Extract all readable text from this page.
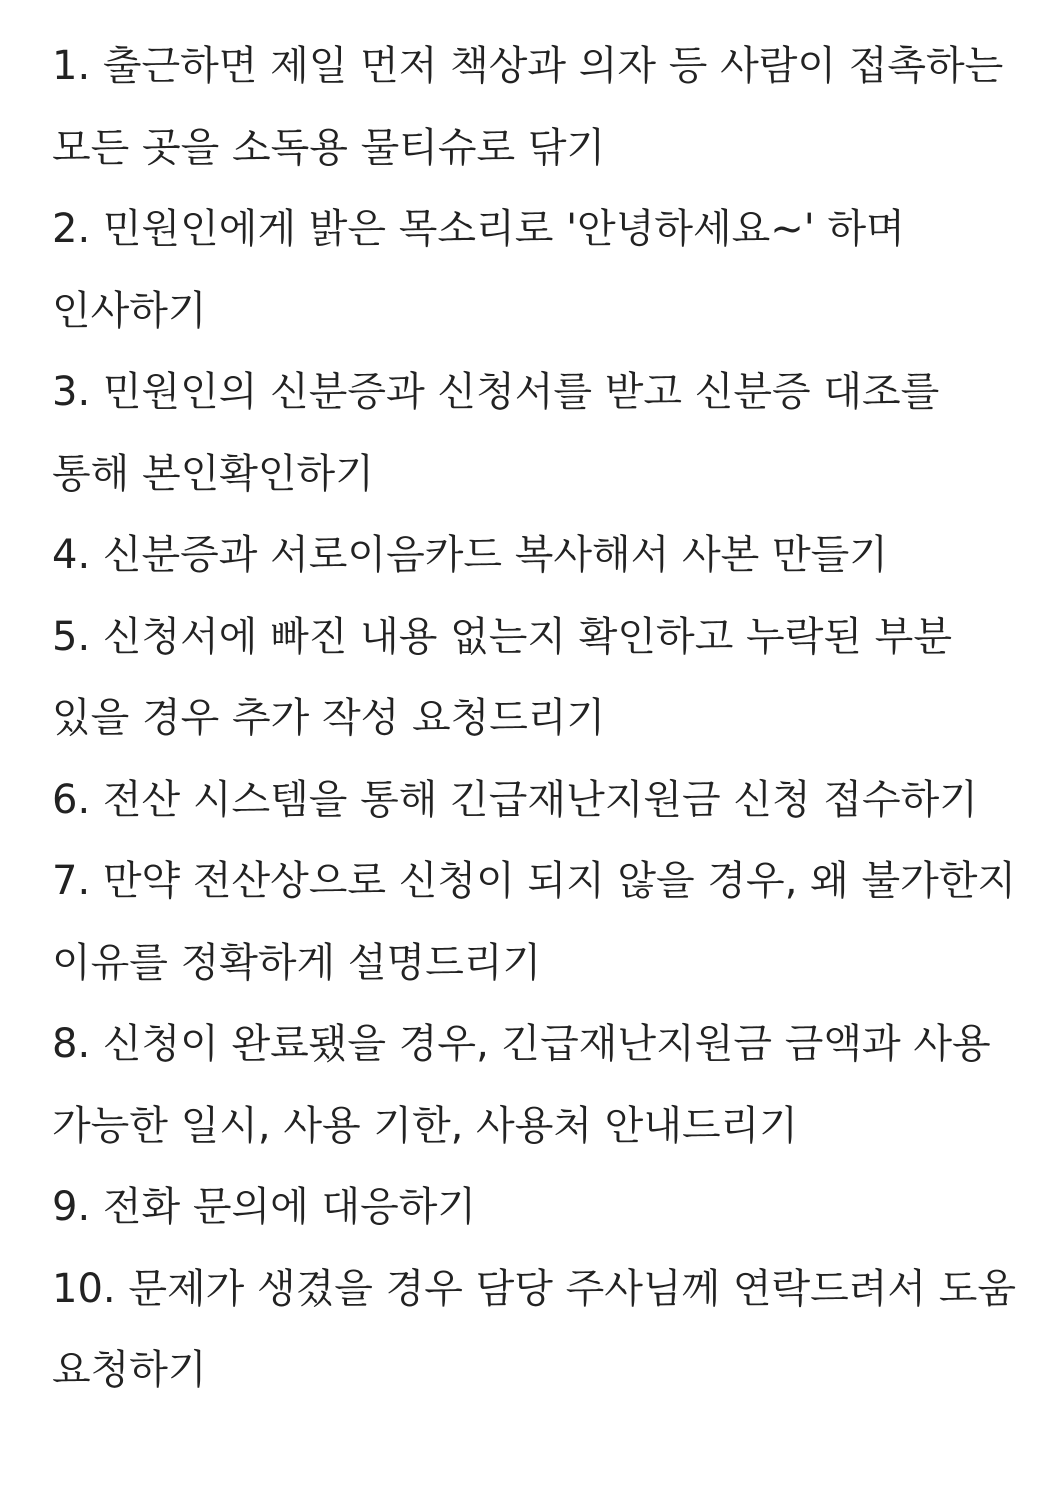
1. 출근하면 제일 먼저 책상과 의자 등 사람이 접촉하는 모든 곳을 소독용 물티슈로 닦기

2. 민원인에게 밝은 목소리로 '안녕하세요~' 하며 인사하기

3. 민원인의 신분증과 신청서를 받고 신분증 대조를 통해 본인확인하기

4. 신분증과 서로이음카드 복사해서 사본 만들기

5. 신청서에 빠진 내용 없는지 확인하고 누락된 부분 있을 경우 추가 작성 요청드리기

6. 전산 시스템을 통해 긴급재난지원금 신청 접수하기

7. 만약 전산상으로 신청이 되지 않을 경우, 왜 불가한지 이유를 정확하게 설명드리기

8. 신청이 완료됐을 경우, 긴급재난지원금 금액과 사용 가능한 일시, 사용 기한, 사용처 안내드리기

9. 전화 문의에 대응하기

10. 문제가 생겼을 경우 담당 주사님께 연락드려서 도움 요청하기
